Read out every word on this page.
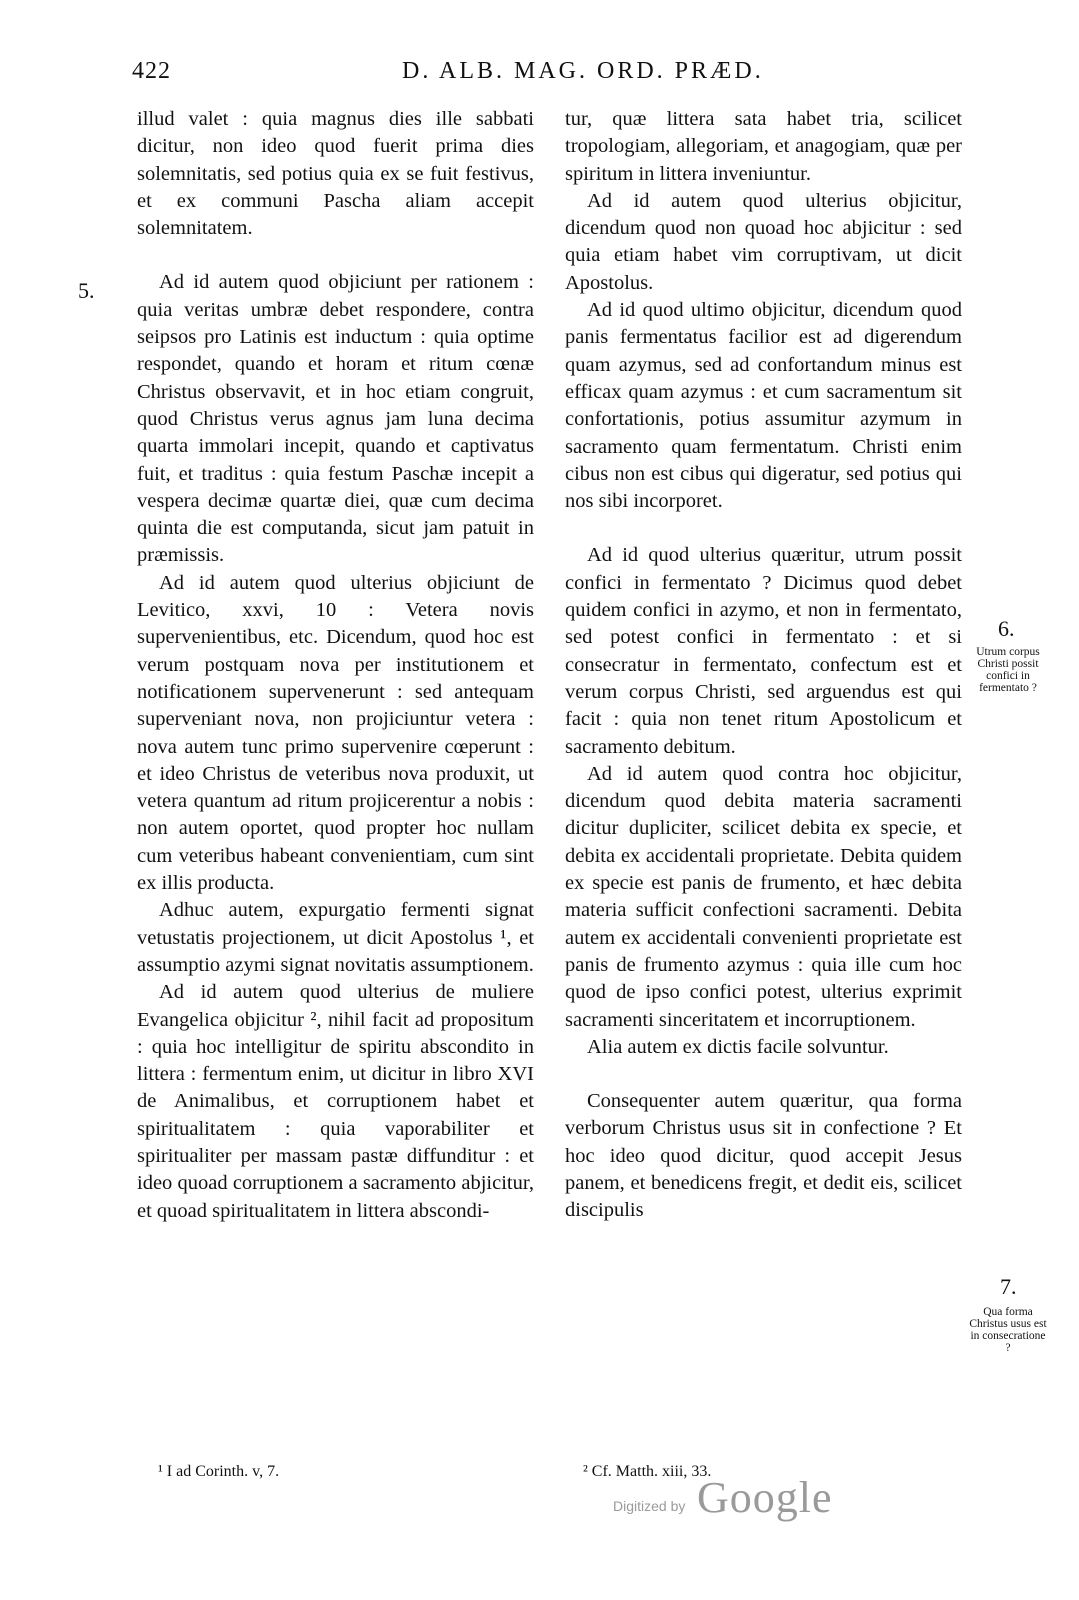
422	D. ALB. MAG. ORD. PRÆD.

illud valet : quia magnus dies ille sabbati dicitur, non ideo quod fuerit prima dies solemnitatis, sed potius quia ex se fuit festivus, et ex communi Pascha aliam accepit solemnitatem.

Ad id autem quod objiciunt per rationem : quia veritas umbræ debet respondere, contra seipsos pro Latinis est inductum : quia optime respondet, quando et horam et ritum cœnæ Christus observavit, et in hoc etiam congruit, quod Christus verus agnus jam luna decima quarta immolari incepit, quando et captivatus fuit, et traditus : quia festum Paschæ incepit a vespera decimæ quartæ diei, quæ cum decima quinta die est computanda, sicut jam patuit in præmissis.

Ad id autem quod ulterius objiciunt de Levitico, xxvi, 10 : Vetera novis supervenientibus, etc. Dicendum, quod hoc est verum postquam nova per institutionem et notificationem supervenerunt : sed antequam superveniant nova, non projiciuntur vetera : nova autem tunc primo supervenire cœperunt : et ideo Christus de veteribus nova produxit, ut vetera quantum ad ritum projicerentur a nobis : non autem oportet, quod propter hoc nullam cum veteribus habeant convenientiam, cum sint ex illis producta.

Adhuc autem, expurgatio fermenti signat vetustatis projectionem, ut dicit Apostolus ¹, et assumptio azymi signat novitatis assumptionem.

Ad id autem quod ulterius de muliere Evangelica objicitur ², nihil facit ad propositum : quia hoc intelligitur de spiritu abscondito in littera : fermentum enim, ut dicitur in libro XVI de Animalibus, et corruptionem habet et spiritualitatem : quia vaporabiliter et spiritualiter per massam pastæ diffunditur : et ideo quoad corruptionem a sacramento abjicitur, et quoad spiritualitatem in littera abscondi-

tur, quæ littera sata habet tria, scilicet tropologiam, allegoriam, et anagogiam, quæ per spiritum in littera inveniuntur.

Ad id autem quod ulterius objicitur, dicendum quod non quoad hoc abjicitur : sed quia etiam habet vim corruptivam, ut dicit Apostolus.

Ad id quod ultimo objicitur, dicendum quod panis fermentatus facilior est ad digerendum quam azymus, sed ad confortandum minus est efficax quam azymus : et cum sacramentum sit confortationis, potius assumitur azymum in sacramento quam fermentatum. Christi enim cibus non est cibus qui digeratur, sed potius qui nos sibi incorporet.

Ad id quod ulterius quæritur, utrum possit confici in fermentato ? Dicimus quod debet quidem confici in azymo, et non in fermentato, sed potest confici in fermentato : et si consecratur in fermentato, confectum est et verum corpus Christi, sed arguendus est qui facit : quia non tenet ritum Apostolicum et sacramento debitum.

Ad id autem quod contra hoc objicitur, dicendum quod debita materia sacramenti dicitur dupliciter, scilicet debita ex specie, et debita ex accidentali proprietate. Debita quidem ex specie est panis de frumento, et hæc debita materia sufficit confectioni sacramenti. Debita autem ex accidentali convenienti proprietate est panis de frumento azymus : quia ille cum hoc quod de ipso confici potest, ulterius exprimit sacramenti sinceritatem et incorruptionem.

Alia autem ex dictis facile solvuntur.

Consequenter autem quæritur, qua forma verborum Christus usus sit in confectione ? Et hoc ideo quod dicitur, quod accepit Jesus panem, et benedicens fregit, et dedit eis, scilicet discipulis

5.
6.
Utrum corpus Christi possit confici in fermentato ?
7.
Qua forma Christus usus est in consecratione ?
¹ I ad Corinth. v, 7.	² Cf. Matth. xiii, 33.
Digitized by Google
